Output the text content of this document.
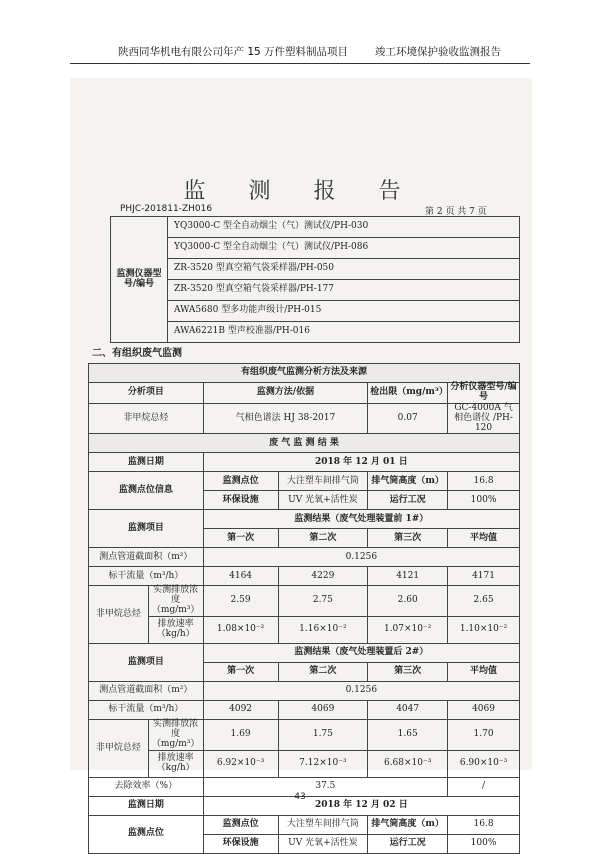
陕西同华机电有限公司年产 15 万件塑料制品项目	竣工环境保护验收监测报告
监 测 报 告
PHJC-201811-ZH016	第 2 页 共 7 页
监测仪器型号/编号	YQ3000-C 型全自动烟尘（气）测试仪/PH-030
YQ3000-C 型全自动烟尘（气）测试仪/PH-086
ZR-3520 型真空箱气袋采样器/PH-050
ZR-3520 型真空箱气袋采样器/PH-177
AWA5680 型多功能声级计/PH-015
AWA6221B 型声校准器/PH-016
二、有组织废气监测
有组织废气监测分析方法及来源					
分析项目		监测方法/依据		检出限（mg/m³）	分析仪器型号/编号
非甲烷总烃		气相色谱法 HJ 38-2017		0.07	GC-4000A 气相色谱仪 /PH-120
废 气 监 测 结 果					
监测日期		2018 年 12 月 01 日			
监测点位信息		监测点位	大注塑车间排气筒	排气筒高度（m）	16.8
		环保设施	UV 光氧+活性炭	运行工况	100%
监测项目		监测结果（废气处理装置前 1#）			
		第一次	第二次	第三次	平均值
测点管道截面积（m²）		0.1256			
标干流量（m³/h）		4164	4229	4121	4171
非甲烷总烃	实测排放浓度（mg/m³）	2.59	2.75	2.60	2.65
	排放速率（kg/h）	1.08×10⁻²	1.16×10⁻²	1.07×10⁻²	1.10×10⁻²
监测项目		监测结果（废气处理装置后 2#）			
		第一次	第二次	第三次	平均值
测点管道截面积（m²）		0.1256			
标干流量（m³/h）		4092	4069	4047	4069
非甲烷总烃	实测排放浓度（mg/m³）	1.69	1.75	1.65	1.70
	排放速率（kg/h）	6.92×10⁻³	7.12×10⁻³	6.68×10⁻³	6.90×10⁻³
去除效率（%）		37.5			/
监测日期		2018 年 12 月 02 日			
监测点位		监测点位	大注塑车间排气筒	排气筒高度（m）	16.8
		环保设施	UV 光氧+活性炭	运行工况	100%
43
